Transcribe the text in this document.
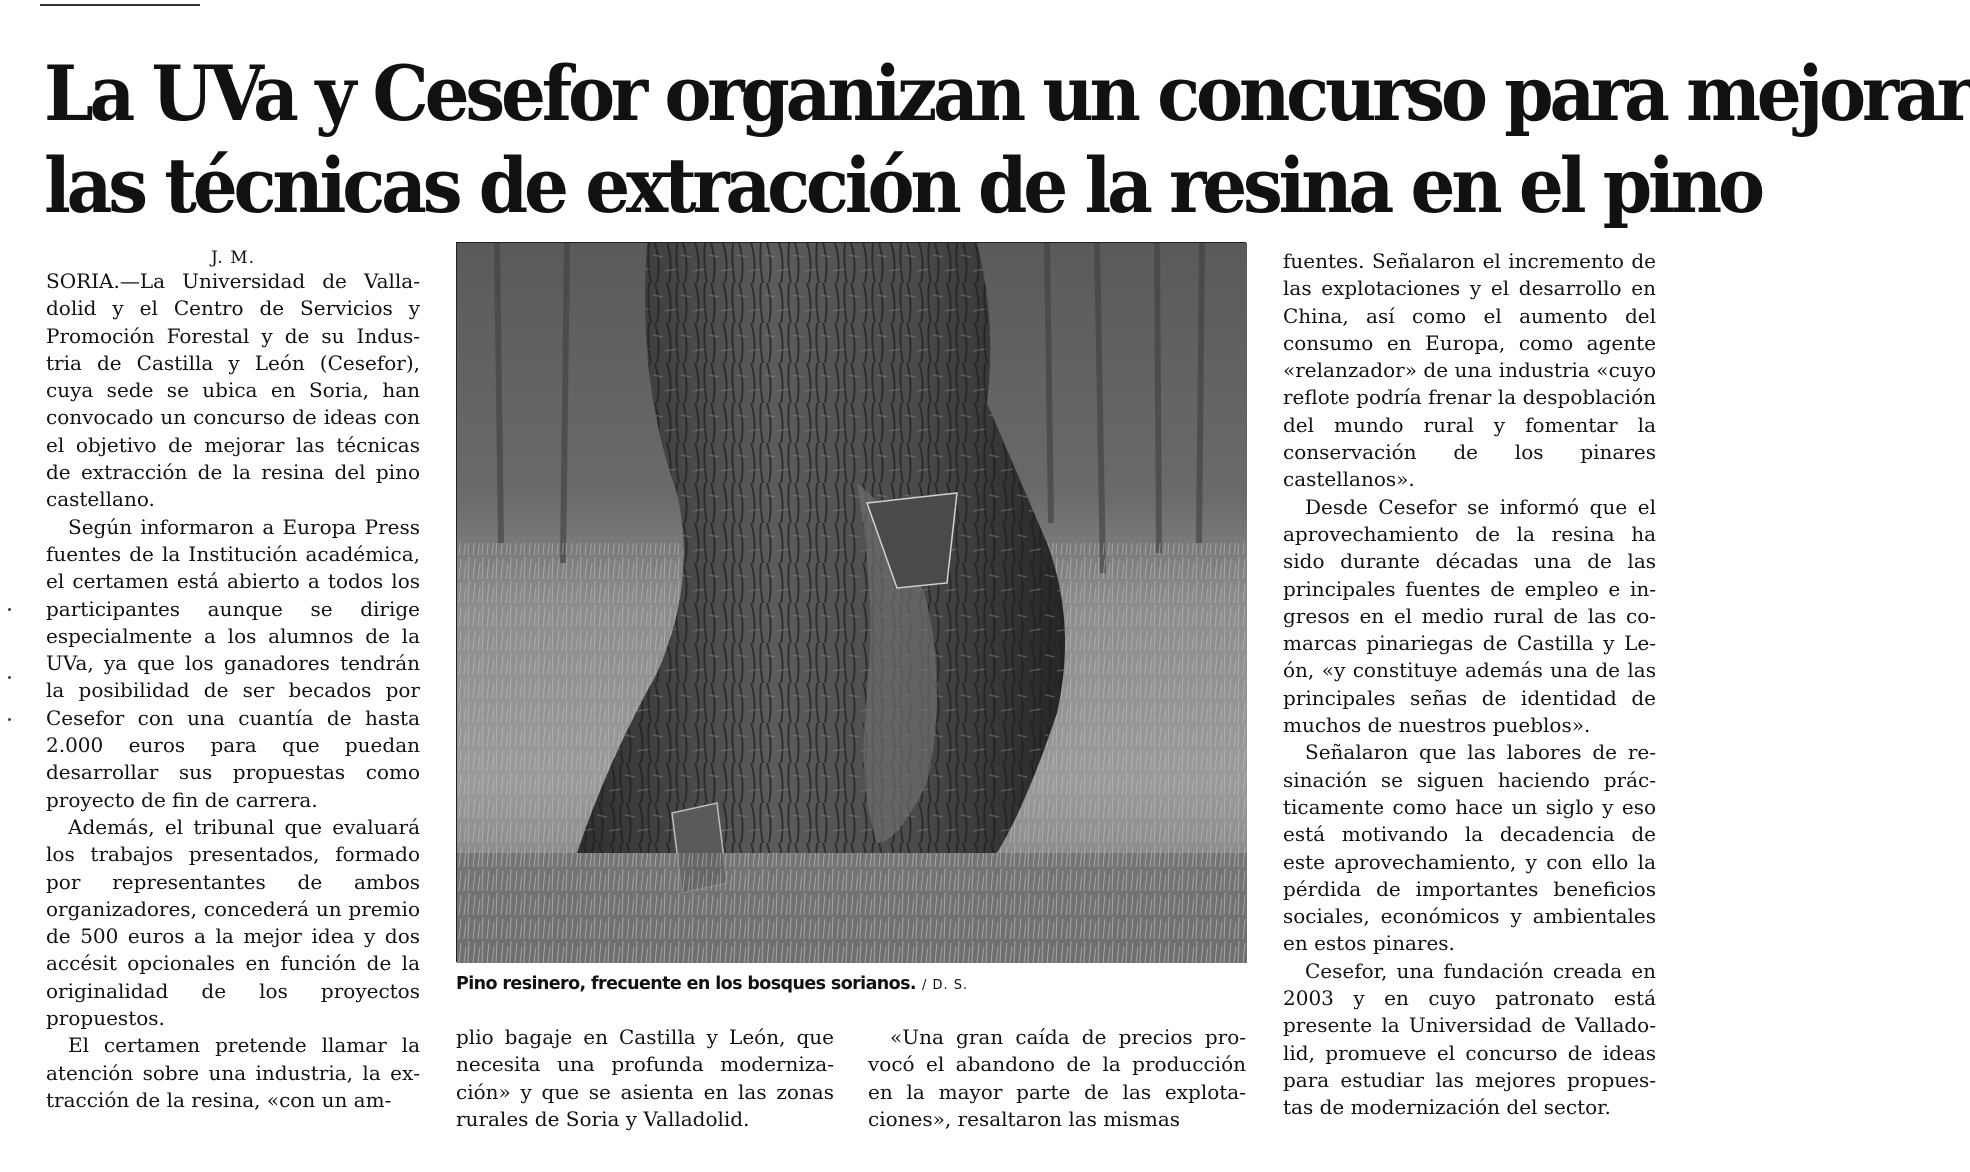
La UVa y Cesefor organizan un concurso para mejorar
las técnicas de extracción de la resina en el pino
J. M.

SORIA.—La Universidad de Valladolid y el Centro de Servicios y Promoción Forestal y de su Industria de Castilla y León (Cesefor), cuya sede se ubica en Soria, han convocado un concurso de ideas con el objetivo de mejorar las técnicas de extracción de la resina del pino castellano.

Según informaron a Europa Press fuentes de la Institución académica, el certamen está abierto a todos los participantes aunque se dirige especialmente a los alumnos de la UVa, ya que los ganadores tendrán la posibilidad de ser becados por Cesefor con una cuantía de hasta 2.000 euros para que puedan desarrollar sus propuestas como proyecto de fin de carrera.

Además, el tribunal que evaluará los trabajos presentados, formado por representantes de ambos organizadores, concederá un premio de 500 euros a la mejor idea y dos accésit opcionales en función de la originalidad de los proyectos propuestos.

El certamen pretende llamar la atención sobre una industria, la extracción de la resina, «con un am-

Pino resinero, frecuente en los bosques sorianos. / D. S.

plio bagaje en Castilla y León, que necesita una profunda modernización» y que se asienta en las zonas rurales de Soria y Valladolid.

«Una gran caída de precios provocó el abandono de la producción en la mayor parte de las explotaciones», resaltaron las mismas

fuentes. Señalaron el incremento de las explotaciones y el desarrollo en China, así como el aumento del consumo en Europa, como agente «relanzador» de una industria «cuyo reflote podría frenar la despoblación del mundo rural y fomentar la conservación de los pinares castellanos».

Desde Cesefor se informó que el aprovechamiento de la resina ha sido durante décadas una de las principales fuentes de empleo e ingresos en el medio rural de las comarcas pinariegas de Castilla y León, «y constituye además una de las principales señas de identidad de muchos de nuestros pueblos».

Señalaron que las labores de resinación se siguen haciendo prácticamente como hace un siglo y eso está motivando la decadencia de este aprovechamiento, y con ello la pérdida de importantes beneficios sociales, económicos y ambientales en estos pinares.

Cesefor, una fundación creada en 2003 y en cuyo patronato está presente la Universidad de Valladolid, promueve el concurso de ideas para estudiar las mejores propuestas de modernización del sector.
